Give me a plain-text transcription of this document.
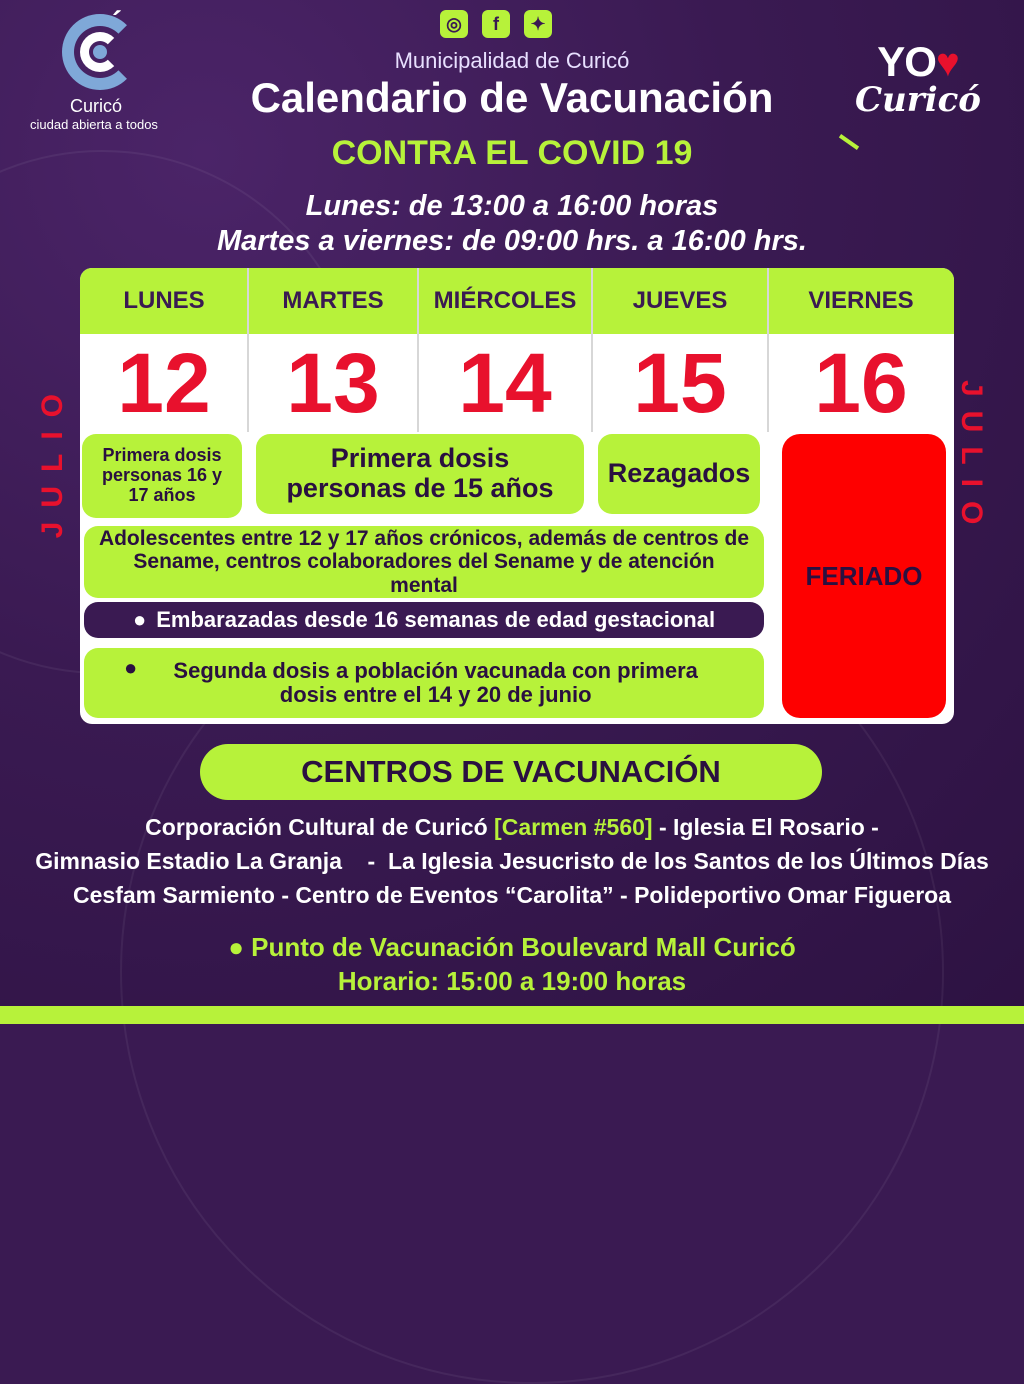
◎	f	✦
´
Curicó
ciudad abierta a todos
YO♥
Curicó
Municipalidad de Curicó
Calendario de Vacunación
CONTRA EL COVID 19
Lunes: de 13:00 a 16:00 horas
Martes a viernes: de 09:00 hrs. a 16:00 hrs.
JULIO	JULIO
LUNES	MARTES	MIÉRCOLES	JUEVES	VIERNES
12 13 14 15	16
Primera dosis personas 16 y 17 años
Primera dosis personas de 15 años	Rezagados
FERIADO
Adolescentes entre 12 y 17 años crónicos, además de centros de Sename, centros colaboradores del Sename y de atención mental
● Embarazadas desde 16 semanas de edad gestacional
●	Segunda dosis a población vacunada con primera dosis entre el 14 y 20 de junio
CENTROS DE VACUNACIÓN
Corporación Cultural de Curicó [Carmen #560] - Iglesia El Rosario -
Gimnasio Estadio La Granja    -  La Iglesia Jesucristo de los Santos de los Últimos Días
Cesfam Sarmiento - Centro de Eventos “Carolita” - Polideportivo Omar Figueroa
● Punto de Vacunación Boulevard Mall Curicó
Horario: 15:00 a 19:00 horas
